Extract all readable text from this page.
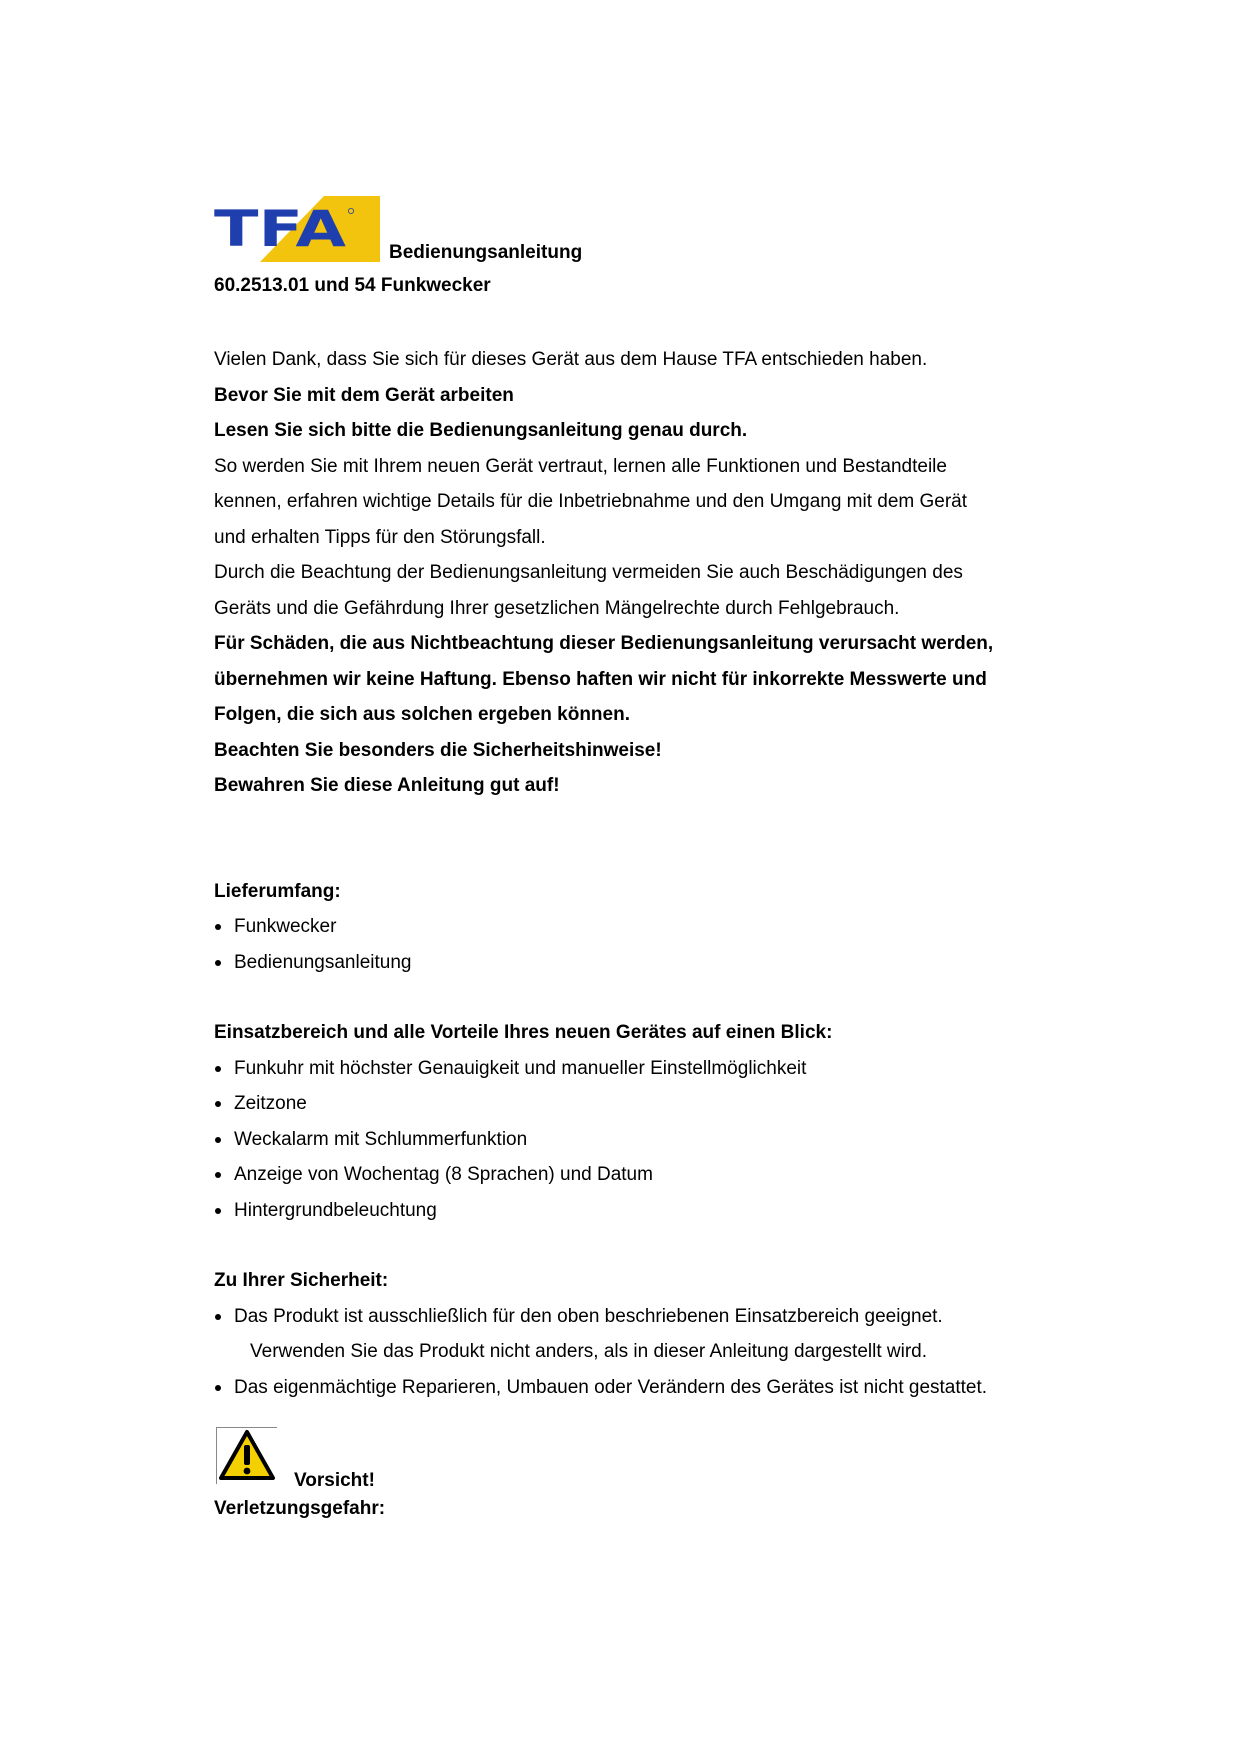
TFA Bedienungsanleitung
60.2513.01 und 54 Funkwecker

Vielen Dank, dass Sie sich für dieses Gerät aus dem Hause TFA entschieden haben.

Bevor Sie mit dem Gerät arbeiten

Lesen Sie sich bitte die Bedienungsanleitung genau durch.

So werden Sie mit Ihrem neuen Gerät vertraut, lernen alle Funktionen und Bestandteile

kennen, erfahren wichtige Details für die Inbetriebnahme und den Umgang mit dem Gerät

und erhalten Tipps für den Störungsfall.

Durch die Beachtung der Bedienungsanleitung vermeiden Sie auch Beschädigungen des

Geräts und die Gefährdung Ihrer gesetzlichen Mängelrechte durch Fehlgebrauch.

Für Schäden, die aus Nichtbeachtung dieser Bedienungsanleitung verursacht werden,

übernehmen wir keine Haftung. Ebenso haften wir nicht für inkorrekte Messwerte und

Folgen, die sich aus solchen ergeben können.

Beachten Sie besonders die Sicherheitshinweise!

Bewahren Sie diese Anleitung gut auf!

Lieferumfang:
Funkwecker
Bedienungsanleitung
Einsatzbereich und alle Vorteile Ihres neuen Gerätes auf einen Blick:
Funkuhr mit höchster Genauigkeit und manueller Einstellmöglichkeit
Zeitzone
Weckalarm mit Schlummerfunktion
Anzeige von Wochentag (8 Sprachen) und Datum
Hintergrundbeleuchtung
Zu Ihrer Sicherheit:
Das Produkt ist ausschließlich für den oben beschriebenen Einsatzbereich geeignet.
Verwenden Sie das Produkt nicht anders, als in dieser Anleitung dargestellt wird.
Das eigenmächtige Reparieren, Umbauen oder Verändern des Gerätes ist nicht gestattet.
Vorsicht!
Verletzungsgefahr:
